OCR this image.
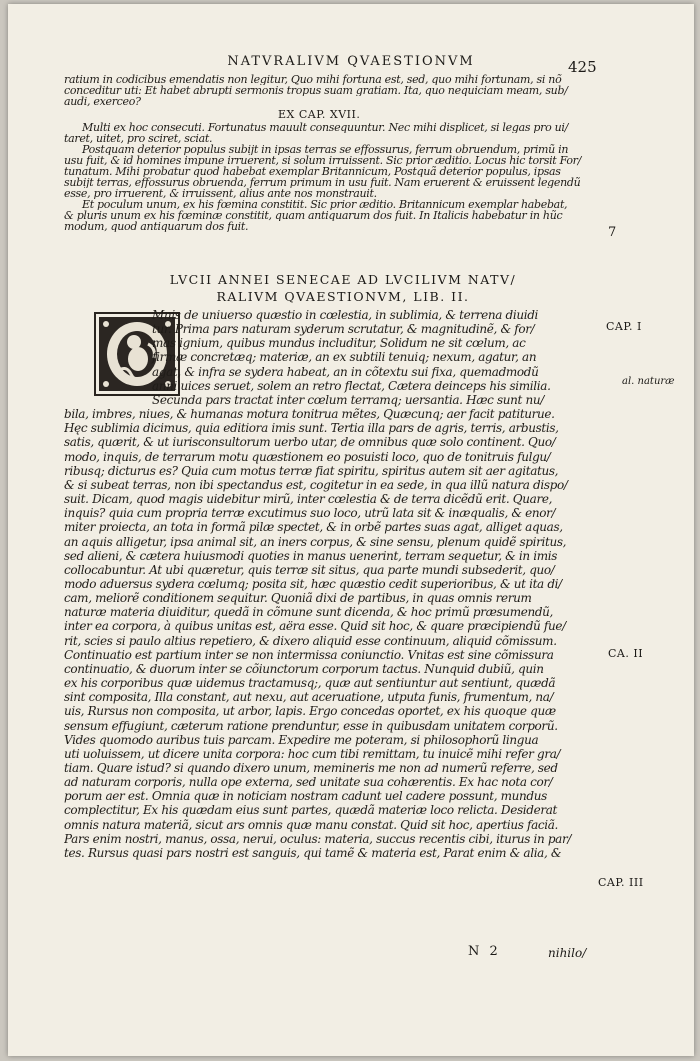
NATVRALIVM QVAESTIONVM	425

ratium in codicibus emendatis non legitur, Quo mihi fortuna est, sed, quo mihi fortunam, si nõ

conceditur uti: Et habet abrupti sermonis tropus suam gratiam. Ita, quo nequiciam meam, sub/

audi, exerceo?

EX CAP. XVII.

Multi ex hoc consecuti. Fortunatus mauult consequuntur. Nec mihi displicet, si legas pro ui/

taret, uitet, pro sciret, sciat.

Postquam deterior populus subijt in ipsas terras se effossurus, ferrum obruendum, primũ in

usu fuit, & id homines impune irruerent, si solum irruissent. Sic prior æditio. Locus hic torsit For/

tunatum. Mihi probatur quod habebat exemplar Britannicum, Postquã deterior populus, ipsas

subijt terras, effossurus obruenda, ferrum primum in usu fuit. Nam eruerent & eruissent legendũ

esse, pro irruerent, & irruissent, alius ante nos monstrauit.

Et poculum unum, ex his fœmina constitit. Sic prior æditio. Britannicum exemplar habebat,

& pluris unum ex his fœminæ constitit, quam antiquarum dos fuit. In Italicis habebatur in hũc

modum, quod antiquarum dos fuit.	7
LVCII ANNEI SENECAE AD LVCILIVM NATV/
RALIVM QVAESTIONVM, LIB. II.

Mnis de uniuerso quæstio in cœlestia, in sublimia, & terrena diuidi

tur. Prima pars naturam syderum scrutatur, & magnitudinẽ, & for/

mas ignium, quibus mundus includitur, Solidum ne sit cœlum, ac

firmæ concretæq; materiæ, an ex subtili tenuiq; nexum, agatur, an

agat, & infra se sydera habeat, an in cõtextu sui fixa, quemadmodũ

anni uices seruet, solem an retro flectat, Cætera deinceps his similia.

Secunda pars tractat inter cœlum terramq; uersantia. Hæc sunt nu/

bila, imbres, niues, & humanas motura tonitrua mẽtes, Quæcunq; aer facit patiturue.

Hęc sublimia dicimus, quia editiora imis sunt. Tertia illa pars de agris, terris, arbustis,

satis, quærit, & ut iurisconsultorum uerbo utar, de omnibus quæ solo continent. Quo/

modo, inquis, de terrarum motu quæstionem eo posuisti loco, quo de tonitruis fulgu/

ribusq; dicturus es? Quia cum motus terræ fiat spiritu, spiritus autem sit aer agitatus,

& si subeat terras, non ibi spectandus est, cogitetur in ea sede, in qua illũ natura dispo/

suit. Dicam, quod magis uidebitur mirũ, inter cœlestia & de terra dicẽdũ erit. Quare,

inquis? quia cum propria terræ excutimus suo loco, utrũ lata sit & inæqualis, & enor/

miter proiecta, an tota in formã pilæ spectet, & in orbẽ partes suas agat, alliget aquas,

an aquis alligetur, ipsa animal sit, an iners corpus, & sine sensu, plenum quidẽ spiritus,

sed alieni, & cætera huiusmodi quoties in manus uenerint, terram sequetur, & in imis

collocabuntur. At ubi quæretur, quis terræ sit situs, qua parte mundi subsederit, quo/

modo aduersus sydera cœlumq; posita sit, hæc quæstio cedit superioribus, & ut ita di/

cam, meliorẽ conditionem sequitur. Quoniã dixi de partibus, in quas omnis rerum

naturæ materia diuiditur, quedã in cõmune sunt dicenda, & hoc primũ præsumendũ,

inter ea corpora, à quibus unitas est, aëra esse. Quid sit hoc, & quare præcipiendũ fue/

rit, scies si paulo altius repetiero, & dixero aliquid esse continuum, aliquid cõmissum.

Continuatio est partium inter se non intermissa coniunctio. Vnitas est sine cõmissura

continuatio, & duorum inter se cõiunctorum corporum tactus. Nunquid dubiũ, quin

ex his corporibus quæ uidemus tractamusq;, quæ aut sentiuntur aut sentiunt, quædã

sint composita, Illa constant, aut nexu, aut aceruatione, utputa funis, frumentum, na/

uis, Rursus non composita, ut arbor, lapis. Ergo concedas oportet, ex his quoque quæ

sensum effugiunt, cæterum ratione prenduntur, esse in quibusdam unitatem corporũ.

Vides quomodo auribus tuis parcam. Expedire me poteram, si philosophorũ lingua

uti uoluissem, ut dicere unita corpora: hoc cum tibi remittam, tu inuicẽ mihi refer gra/

tiam. Quare istud? si quando dixero unum, memineris me non ad numerũ referre, sed

ad naturam corporis, nulla ope externa, sed unitate sua cohærentis. Ex hac nota cor/

porum aer est. Omnia quæ in noticiam nostram cadunt uel cadere possunt, mundus

complectitur, Ex his quædam eius sunt partes, quædã materiæ loco relicta. Desiderat

omnis natura materiã, sicut ars omnis quæ manu constat. Quid sit hoc, apertius faciã.

Pars enim nostri, manus, ossa, nerui, oculus: materia, succus recentis cibi, iturus in par/

tes. Rursus quasi pars nostri est sanguis, qui tamẽ & materia est, Parat enim & alia, &

CAP. I
al. naturæ
CA. II
CAP. III
N 2	nihilo/
